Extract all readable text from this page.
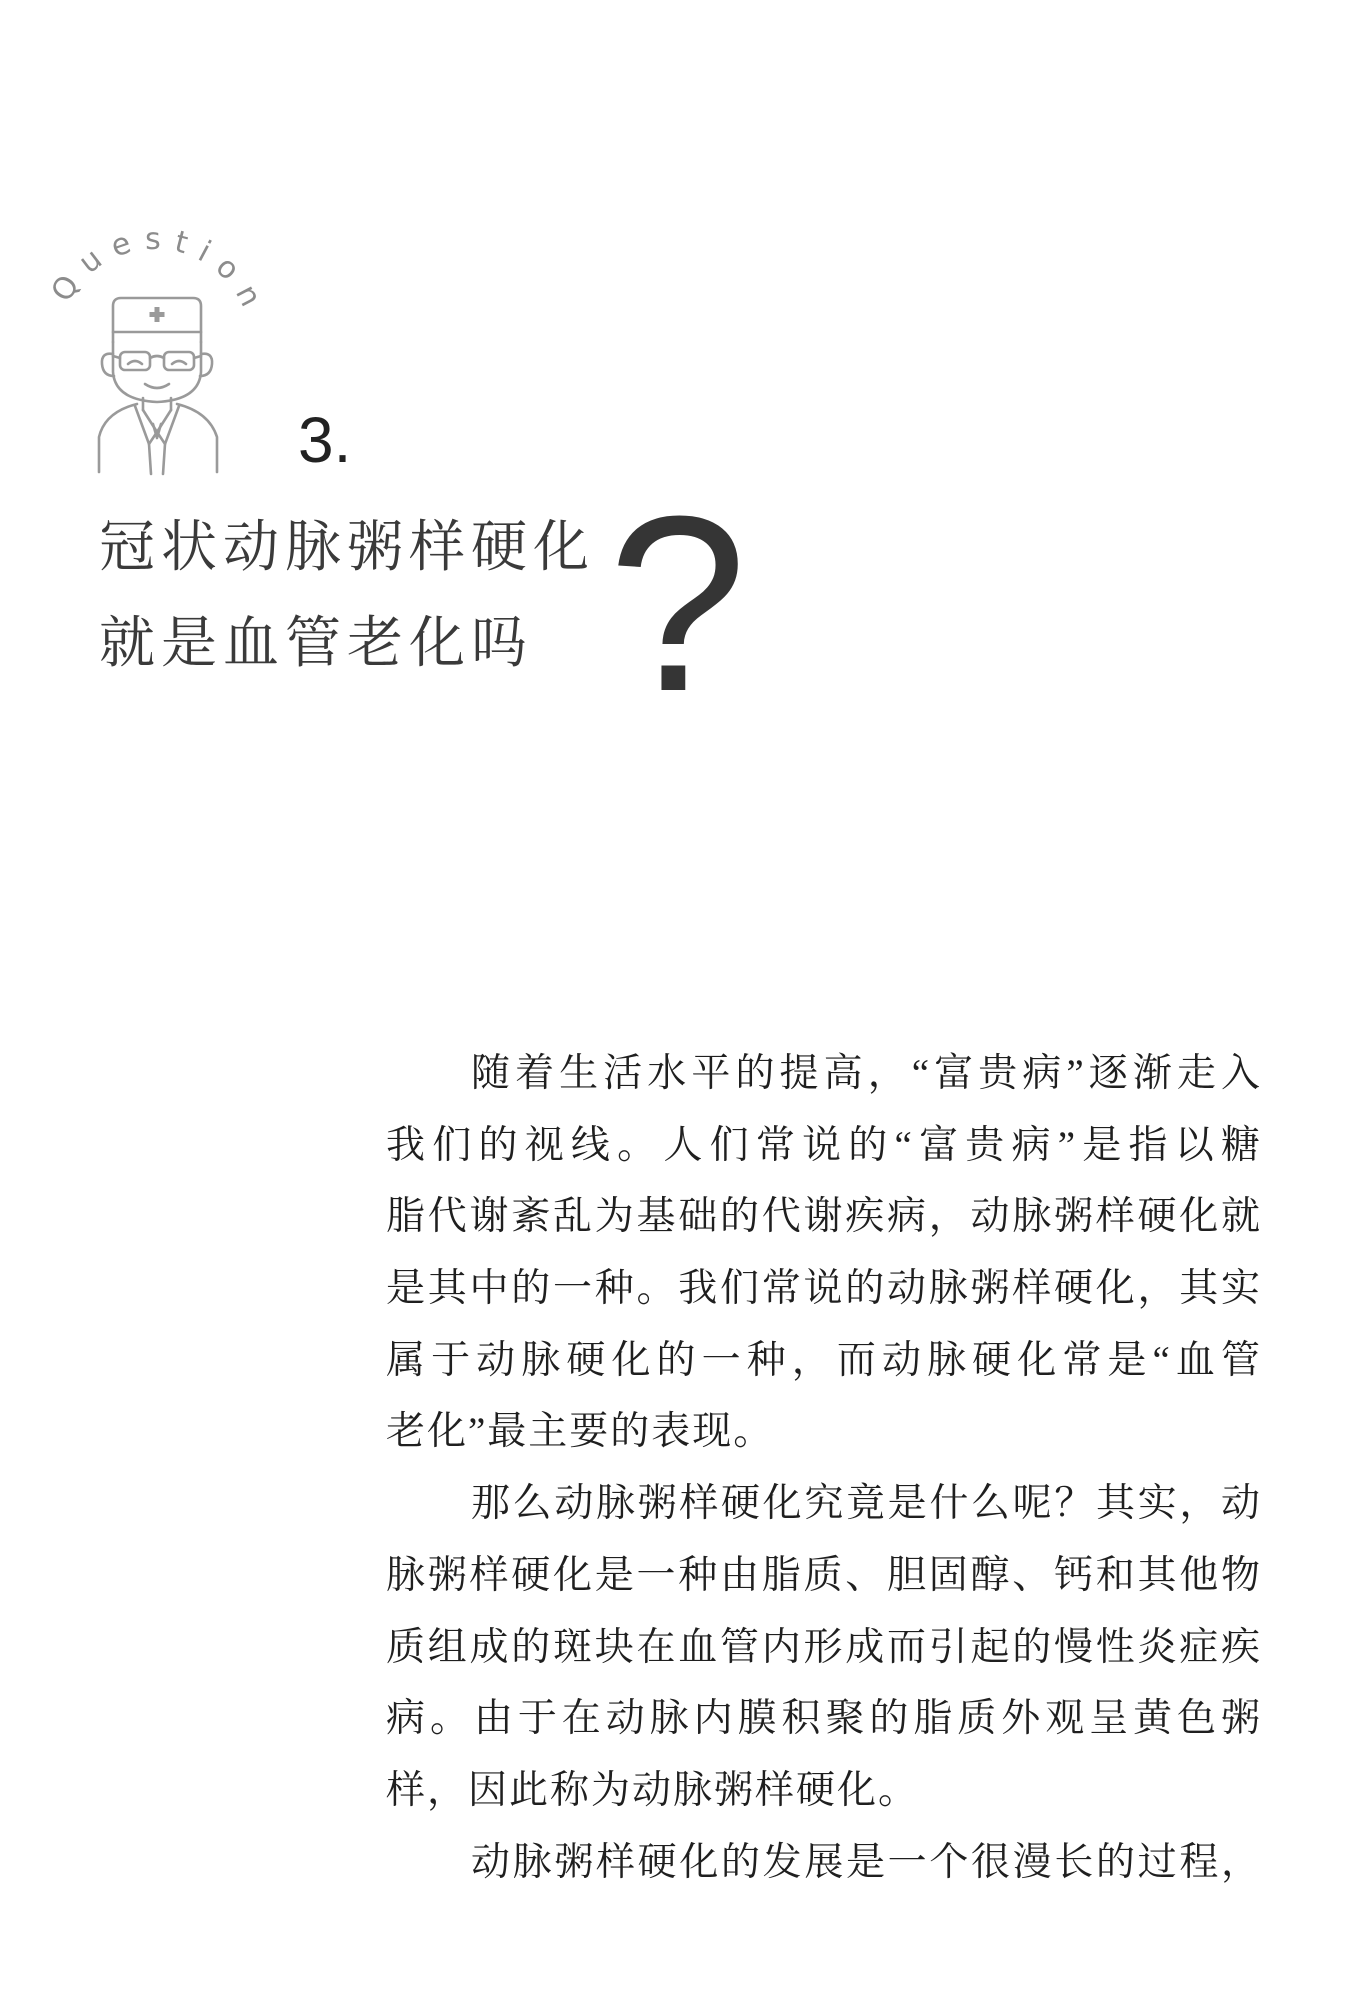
Question
3.
冠状动脉粥样硬化
就是血管老化吗 ?
随着生活水平的提高，“富贵病”逐渐走入
我们的视线。人们常说的“富贵病”是指以糖
脂代谢紊乱为基础的代谢疾病，动脉粥样硬化就
是其中的一种。我们常说的动脉粥样硬化，其实
属于动脉硬化的一种，而动脉硬化常是“血管
老化”最主要的表现。
那么动脉粥样硬化究竟是什么呢？其实，动
脉粥样硬化是一种由脂质、胆固醇、钙和其他物
质组成的斑块在血管内形成而引起的慢性炎症疾
病。由于在动脉内膜积聚的脂质外观呈黄色粥
样，因此称为动脉粥样硬化。
动脉粥样硬化的发展是一个很漫长的过程，
